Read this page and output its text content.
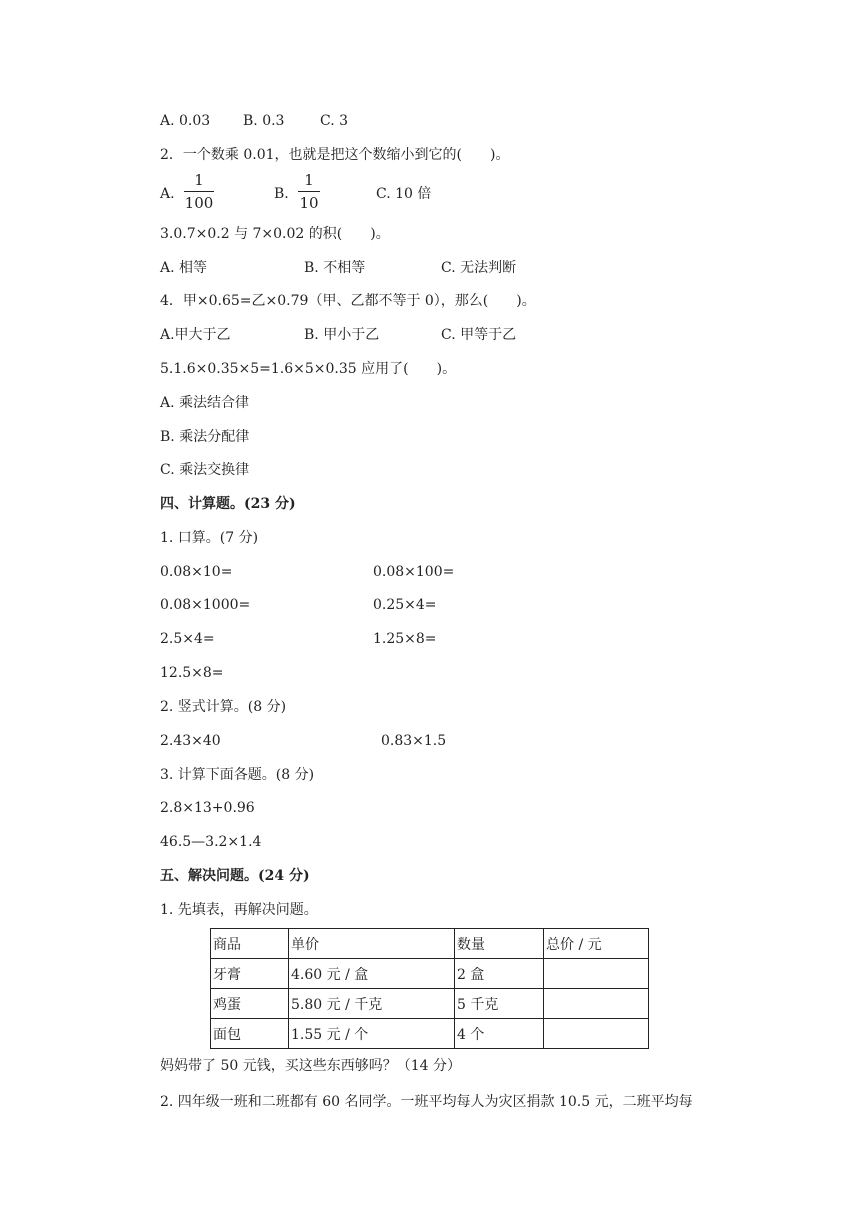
A. 0.03 B. 0.3	C. 3
2．一个数乘 0.01，也就是把这个数缩小到它的(　　)。
A.
1
100	B.
1
10	C. 10 倍
3.0.7×0.2 与 7×0.02 的积(　　)。
A. 相等	B. 不相等	C. 无法判断
4．甲×0.65=乙×0.79（甲、乙都不等于 0），那么(　　)。
A.甲大于乙	B. 甲小于乙	C. 甲等于乙
5.1.6×0.35×5=1.6×5×0.35 应用了(　　)。
A. 乘法结合律
B. 乘法分配律
C. 乘法交换律
四、计算题。(23 分)
1. 口算。(7 分)
0.08×10=	0.08×100=
0.08×1000=	0.25×4=
2.5×4=	1.25×8=
12.5×8=
2. 竖式计算。(8 分)
2.43×40	0.83×1.5
3. 计算下面各题。(8 分)
2.8×13+0.96
46.5—3.2×1.4
五、解决问题。(24 分)
1. 先填表，再解决问题。
商品	单价	数量	总价 / 元
牙膏	4.60 元 / 盒	2 盒	
鸡蛋	5.80 元 / 千克	5 千克	
面包	1.55 元 / 个	4 个	
妈妈带了 50 元钱，买这些东西够吗？（14 分）
2. 四年级一班和二班都有 60 名同学。一班平均每人为灾区捐款 10.5 元，二班平均每
